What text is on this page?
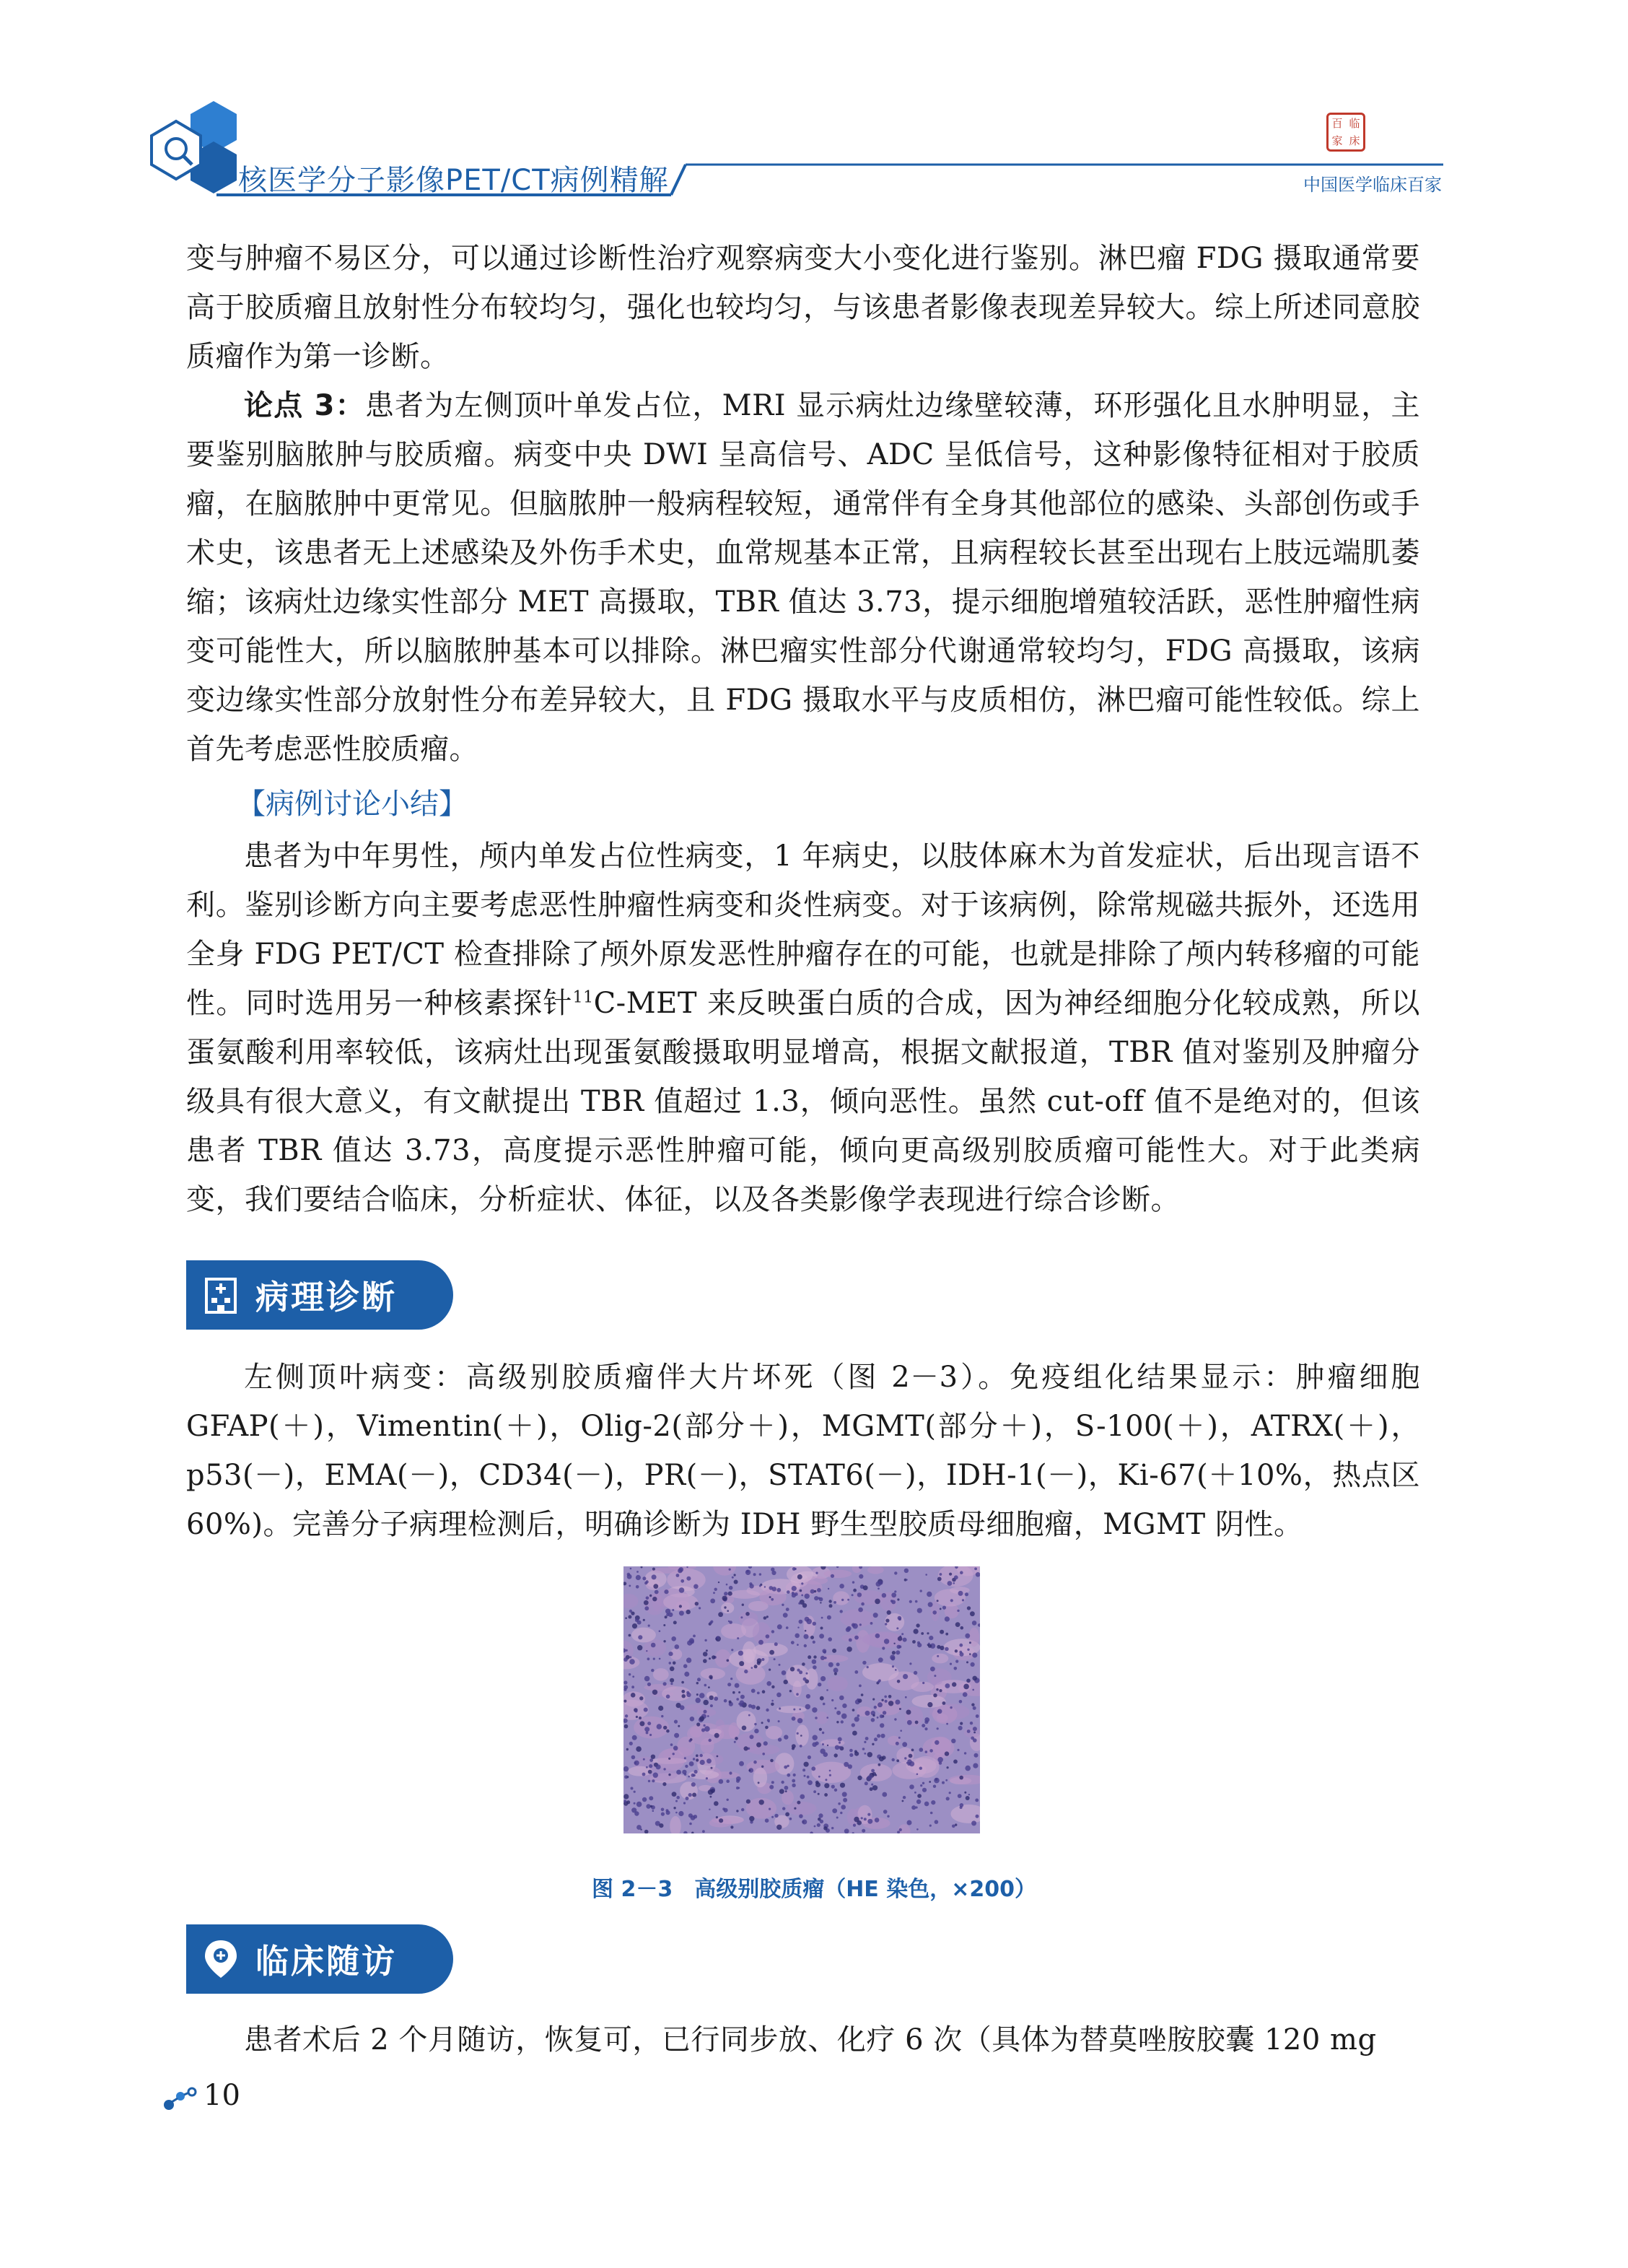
核医学分子影像PET/CT病例精解
百 临
家 床
中国医学临床百家

变与肿瘤不易区分，可以通过诊断性治疗观察病变大小变化进行鉴别。淋巴瘤 FDG 摄取通常要高于胶质瘤且放射性分布较均匀，强化也较均匀，与该患者影像表现差异较大。综上所述同意胶质瘤作为第一诊断。

论点 3：患者为左侧顶叶单发占位，MRI 显示病灶边缘壁较薄，环形强化且水肿明显，主要鉴别脑脓肿与胶质瘤。病变中央 DWI 呈高信号、ADC 呈低信号，这种影像特征相对于胶质瘤，在脑脓肿中更常见。但脑脓肿一般病程较短，通常伴有全身其他部位的感染、头部创伤或手术史，该患者无上述感染及外伤手术史，血常规基本正常，且病程较长甚至出现右上肢远端肌萎缩；该病灶边缘实性部分 MET 高摄取，TBR 值达 3.73，提示细胞增殖较活跃，恶性肿瘤性病变可能性大，所以脑脓肿基本可以排除。淋巴瘤实性部分代谢通常较均匀，FDG 高摄取，该病变边缘实性部分放射性分布差异较大，且 FDG 摄取水平与皮质相仿，淋巴瘤可能性较低。综上首先考虑恶性胶质瘤。

【病例讨论小结】

患者为中年男性，颅内单发占位性病变，1 年病史，以肢体麻木为首发症状，后出现言语不利。鉴别诊断方向主要考虑恶性肿瘤性病变和炎性病变。对于该病例，除常规磁共振外，还选用全身 FDG PET/CT 检查排除了颅外原发恶性肿瘤存在的可能，也就是排除了颅内转移瘤的可能性。同时选用另一种核素探针$^{11}$C-MET 来反映蛋白质的合成，因为神经细胞分化较成熟，所以蛋氨酸利用率较低，该病灶出现蛋氨酸摄取明显增高，根据文献报道，TBR 值对鉴别及肿瘤分级具有很大意义，有文献提出 TBR 值超过 1.3，倾向恶性。虽然 cut-off 值不是绝对的，但该患者 TBR 值达 3.73，高度提示恶性肿瘤可能，倾向更高级别胶质瘤可能性大。对于此类病变，我们要结合临床，分析症状、体征，以及各类影像学表现进行综合诊断。

病理诊断

左侧顶叶病变：高级别胶质瘤伴大片坏死（图 2－3）。免疫组化结果显示：肿瘤细胞 GFAP(＋)，Vimentin(＋)，Olig-2(部分＋)，MGMT(部分＋)，S-100(＋)，ATRX(＋)，p53(－)，EMA(－)，CD34(－)，PR(－)，STAT6(－)，IDH-1(－)，Ki-67(＋10%，热点区 60%)。完善分子病理检测后，明确诊断为 IDH 野生型胶质母细胞瘤，MGMT 阴性。

图 2－3　高级别胶质瘤（HE 染色，×200）
临床随访

患者术后 2 个月随访，恢复可，已行同步放、化疗 6 次（具体为替莫唑胺胶囊 120 mg

10
